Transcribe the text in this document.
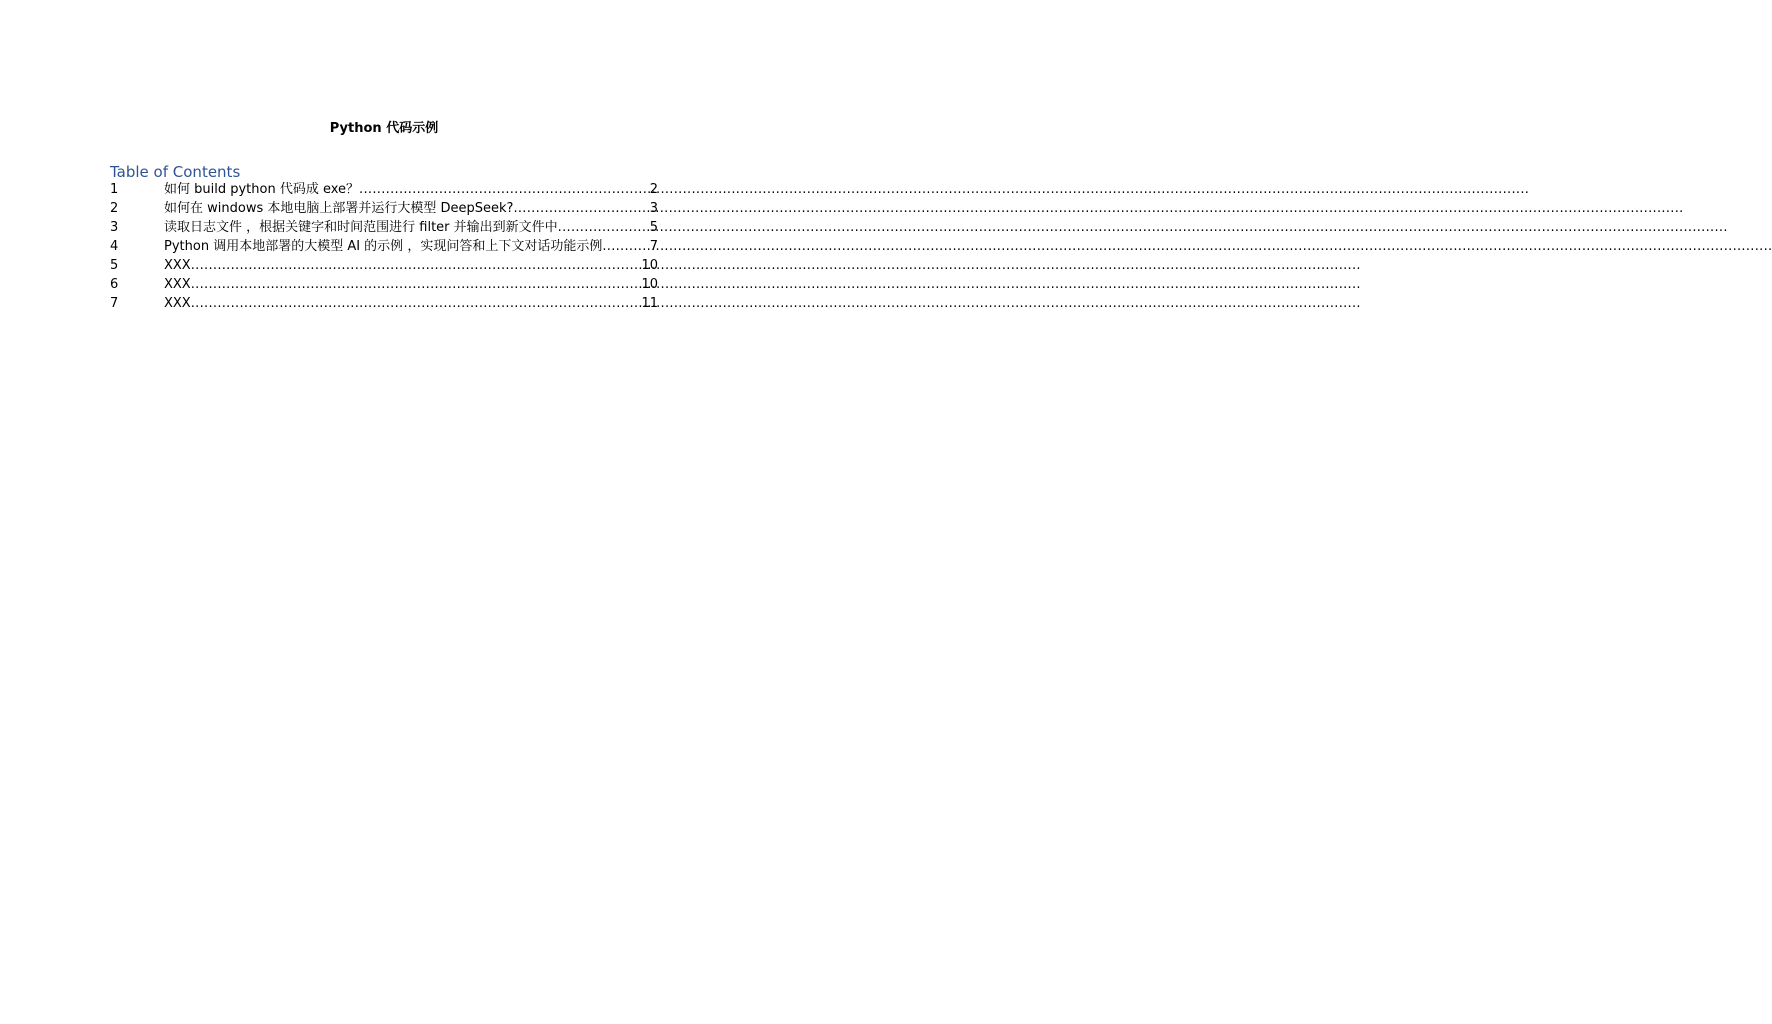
Python 代码示例
Table of Contents
1	如何 build python 代码成 exe？ .....	2
2	如何在 windows 本地电脑上部署并运行大模型 DeepSeek? .....	3
3	读取日志文件 ，根据关键字和时间范围进行 filter 并输出到新文件中 .....	5
4	Python 调用本地部署的大模型 AI 的示例 ，实现问答和上下文对话功能示例 .....	7
5	XXX .....	10
6	XXX .....	10
7	XXX .....	11
